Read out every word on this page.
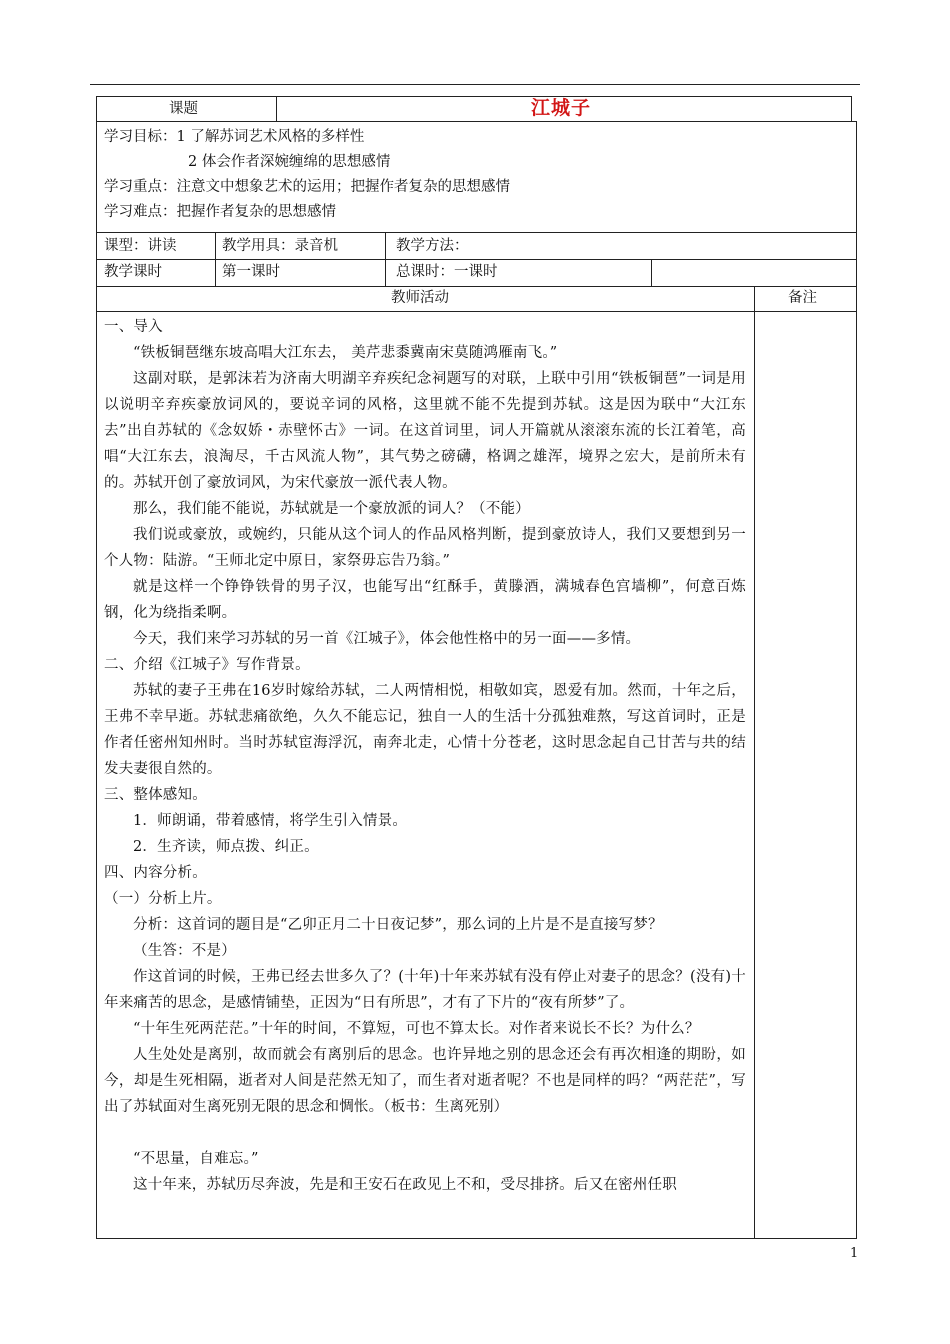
课题	江城子
学习目标：1 了解苏词艺术风格的多样性
2 体会作者深婉缠绵的思想感情
学习重点：注意文中想象艺术的运用；把握作者复杂的思想感情
学习难点：把握作者复杂的思想感情
课型：讲读	教学用具：录音机	教学方法：
教学课时	第一课时	总课时：一课时
教师活动	备注

一、导入

“铁板铜琶继东坡高唱大江东去， 美芹悲黍冀南宋莫随鸿雁南飞。”

这副对联，是郭沫若为济南大明湖辛弃疾纪念祠题写的对联，上联中引用“铁板铜琶”一词是用以说明辛弃疾豪放词风的，要说辛词的风格，这里就不能不先提到苏轼。这是因为联中“大江东去”出自苏轼的《念奴娇・赤壁怀古》一词。在这首词里，词人开篇就从滚滚东流的长江着笔，高唱“大江东去，浪淘尽，千古风流人物”，其气势之磅礴，格调之雄浑，境界之宏大，是前所未有的。苏轼开创了豪放词风，为宋代豪放一派代表人物。

那么，我们能不能说，苏轼就是一个豪放派的词人？（不能）

我们说或豪放，或婉约，只能从这个词人的作品风格判断，提到豪放诗人，我们又要想到另一个人物：陆游。“王师北定中原日，家祭毋忘告乃翁。”

就是这样一个铮铮铁骨的男子汉，也能写出“红酥手，黄滕酒，满城春色宫墙柳”，何意百炼钢，化为绕指柔啊。

今天，我们来学习苏轼的另一首《江城子》，体会他性格中的另一面——多情。

二、介绍《江城子》写作背景。

苏轼的妻子王弗在16岁时嫁给苏轼，二人两情相悦，相敬如宾，恩爱有加。然而，十年之后，王弗不幸早逝。苏轼悲痛欲绝，久久不能忘记，独自一人的生活十分孤独难熬，写这首词时，正是作者任密州知州时。当时苏轼宦海浮沉，南奔北走，心情十分苍老，这时思念起自己甘苦与共的结发夫妻很自然的。

三、整体感知。

1．师朗诵，带着感情，将学生引入情景。

2．生齐读，师点拨、纠正。

四、内容分析。

（一）分析上片。

分析：这首词的题目是“乙卯正月二十日夜记梦”，那么词的上片是不是直接写梦？

（生答：不是）

作这首词的时候，王弗已经去世多久了？(十年)十年来苏轼有没有停止对妻子的思念？(没有)十年来痛苦的思念，是感情铺垫，正因为“日有所思”，才有了下片的“夜有所梦”了。

“十年生死两茫茫。”十年的时间，不算短，可也不算太长。对作者来说长不长？为什么？

人生处处是离别，故而就会有离别后的思念。也许异地之别的思念还会有再次相逢的期盼，如今，却是生死相隔，逝者对人间是茫然无知了，而生者对逝者呢？不也是同样的吗？“两茫茫”，写出了苏轼面对生离死别无限的思念和惆怅。（板书：生离死别）

“不思量，自难忘。”

这十年来，苏轼历尽奔波，先是和王安石在政见上不和，受尽排挤。后又在密州任职

1
